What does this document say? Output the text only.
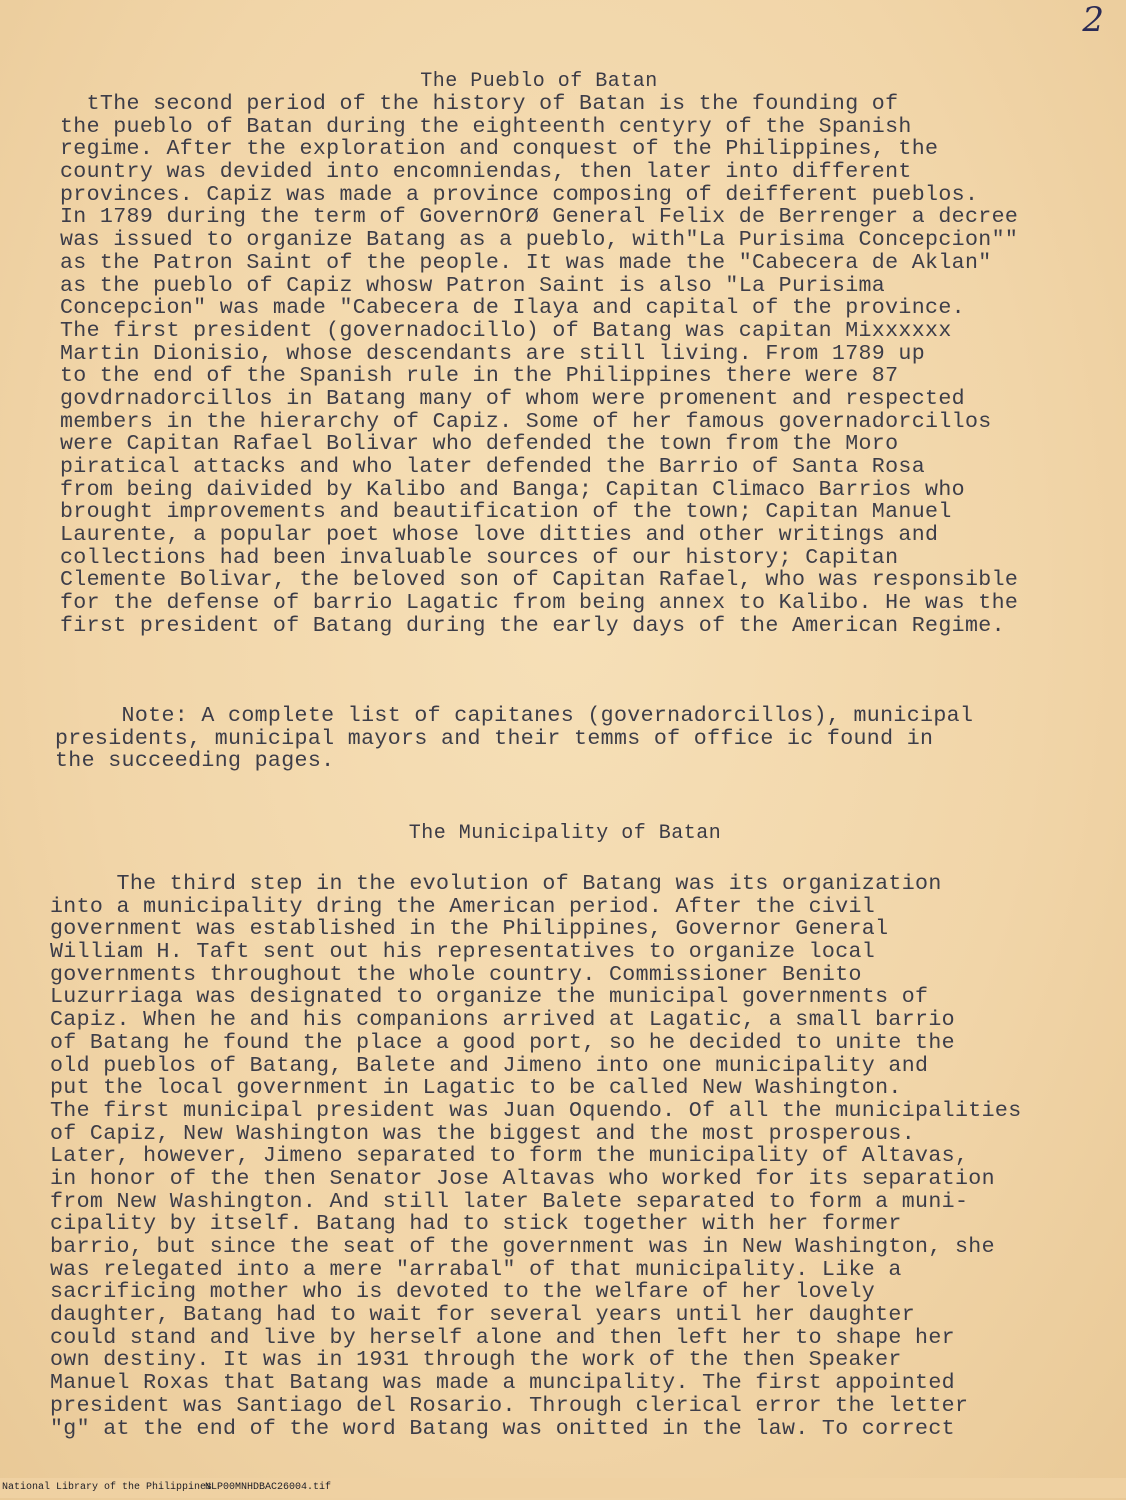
2
The Pueblo of Batan
tThe second period of the history of Batan is the founding of
the pueblo of Batan during the eighteenth centyry of the Spanish
regime. After the exploration and conquest of the Philippines, the
country was devided into encomniendas, then later into different
provinces. Capiz was made a province composing of deifferent pueblos.
In 1789 during the term of GovernOrØ General Felix de Berrenger a decree
was issued to organize Batang as a pueblo, with"La Purisima Concepcion""
as the Patron Saint of the people. It was made the "Cabecera de Aklan"
as the pueblo of Capiz whosw Patron Saint is also "La Purisima
Concepcion" was made "Cabecera de Ilaya and capital of the province.
The first president (governadocillo) of Batang was capitan Mixxxxxx
Martin Dionisio, whose descendants are still living. From 1789 up
to the end of the Spanish rule in the Philippines there were 87
govdrnadorcillos in Batang many of whom were promenent and respected
members in the hierarchy of Capiz. Some of her famous governadorcillos
were Capitan Rafael Bolivar who defended the town from the Moro
piratical attacks and who later defended the Barrio of Santa Rosa
from being daivided by Kalibo and Banga; Capitan Climaco Barrios who
brought improvements and beautification of the town; Capitan Manuel
Laurente, a popular poet whose love ditties and other writings and
collections had been invaluable sources of our history; Capitan
Clemente Bolivar, the beloved son of Capitan Rafael, who was responsible
for the defense of barrio Lagatic from being annex to Kalibo. He was the
first president of Batang during the early days of the American Regime.
Note: A complete list of capitanes (governadorcillos), municipal
presidents, municipal mayors and their temms of office ic found in
the succeeding pages.
The Municipality of Batan
The third step in the evolution of Batang was its organization
into a municipality dring the American period. After the civil
government was established in the Philippines, Governor General
William H. Taft sent out his representatives to organize local
governments throughout the whole country. Commissioner Benito
Luzurriaga was designated to organize the municipal governments of
Capiz. When he and his companions arrived at Lagatic, a small barrio
of Batang he found the place a good port, so he decided to unite the
old pueblos of Batang, Balete and Jimeno into one municipality and
put the local government in Lagatic to be called New Washington.
The first municipal president was Juan Oquendo. Of all the municipalities
of Capiz, New Washington was the biggest and the most prosperous.
Later, however, Jimeno separated to form the municipality of Altavas,
in honor of the then Senator Jose Altavas who worked for its separation
from New Washington. And still later Balete separated to form a muni-
cipality by itself. Batang had to stick together with her former
barrio, but since the seat of the government was in New Washington, she
was relegated into a mere "arrabal" of that municipality. Like a
sacrificing mother who is devoted to the welfare of her lovely
daughter, Batang had to wait for several years until her daughter
could stand and live by herself alone and then left her to shape her
own destiny. It was in 1931 through the work of the then Speaker
Manuel Roxas that Batang was made a muncipality. The first appointed
president was Santiago del Rosario. Through clerical error the letter
"g" at the end of the word Batang was onitted in the law. To correct
National Library of the Philippines
NLP00MNHDBAC26004.tif
